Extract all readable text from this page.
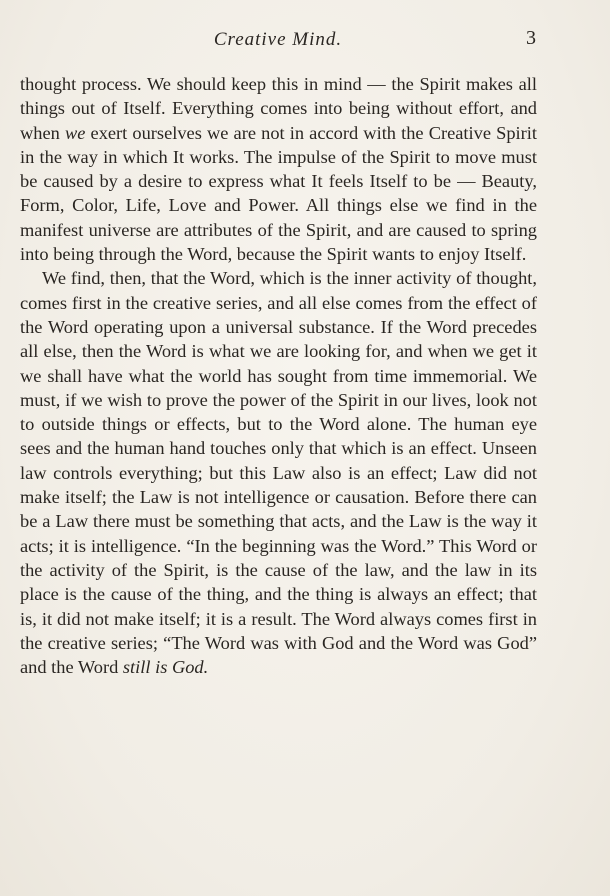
Creative Mind.	3

thought process. We should keep this in mind — the Spirit makes all things out of Itself. Everything comes into being without effort, and when we exert ourselves we are not in accord with the Creative Spirit in the way in which It works. The impulse of the Spirit to move must be caused by a desire to express what It feels Itself to be — Beauty, Form, Color, Life, Love and Power. All things else we find in the manifest universe are attributes of the Spirit, and are caused to spring into being through the Word, because the Spirit wants to enjoy Itself.

We find, then, that the Word, which is the inner activity of thought, comes first in the creative series, and all else comes from the effect of the Word operating upon a universal substance. If the Word precedes all else, then the Word is what we are looking for, and when we get it we shall have what the world has sought from time immemorial. We must, if we wish to prove the power of the Spirit in our lives, look not to outside things or effects, but to the Word alone. The human eye sees and the human hand touches only that which is an effect. Unseen law controls everything; but this Law also is an effect; Law did not make itself; the Law is not intelligence or causation. Before there can be a Law there must be something that acts, and the Law is the way it acts; it is intelligence. “In the beginning was the Word.” This Word or the activity of the Spirit, is the cause of the law, and the law in its place is the cause of the thing, and the thing is always an effect; that is, it did not make itself; it is a result. The Word always comes first in the creative series; “The Word was with God and the Word was God” and the Word still is God.
